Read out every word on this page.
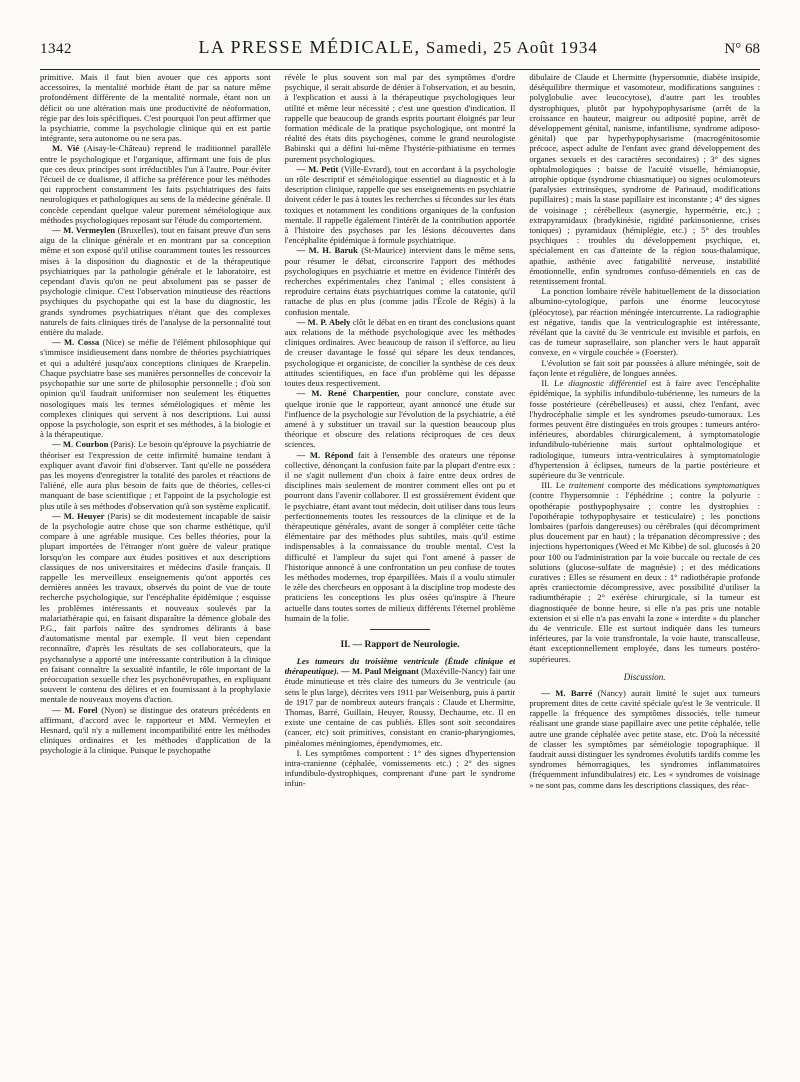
1342	LA PRESSE MÉDICALE, Samedi, 25 Août 1934	N° 68

primitive. Mais il faut bien avouer que ces apports sont accessoires, la mentalité morbide étant de par sa nature même profondément différente de la mentalité normale, étant non un déficit ou une altération mais une productivité de néoformation, régie par des lois spécifiques. C'est pourquoi l'on peut affirmer que la psychiatrie, comme la psychologie clinique qui en est partie intégrante, sera autonome ou ne sera pas.

M. Vié (Aisay-le-Château) reprend le traditionnel parallèle entre le psychologique et l'organique, affirmant une fois de plus que ces deux principes sont irréductibles l'un à l'autre. Pour éviter l'écueil de ce dualisme, il affiche sa préférence pour les méthodes qui rapprochent constamment les faits psychiatriques des faits neurologiques et pathologiques au sens de la médecine générale. Il concède cependant quelque valeur purement séméiologique aux méthodes psychologiques reposant sur l'étude du comportement.

— M. Vermeylen (Bruxelles), tout en faisant preuve d'un sens aigu de la clinique générale et en montrant par sa conception même et son exposé qu'il utilise couramment toutes les ressources mises à la disposition du diagnostic et de la thérapeutique psychiatriques par la pathologie générale et le laboratoire, est cependant d'avis qu'on ne peut absolument pas se passer de psychologie clinique. C'est l'observation minutieuse des réactions psychiques du psychopathe qui est la base du diagnostic, les grands syndromes psychiatriques n'étant que des complexes naturels de faits cliniques tirés de l'analyse de la personnalité tout entière du malade.

— M. Cossa (Nice) se méfie de l'élément philosophique qui s'immisce insidieusement dans nombre de théories psychiatriques et qui a adultéré jusqu'aux conceptions cliniques de Kraepelin. Chaque psychiatre base ses manières personnelles de concevoir la psychopathie sur une sorte de philosophie personnelle ; d'où son opinion qu'il faudrait uniformiser non seulement les étiquettes nosologiques mais les termes séméiologiques et même les complexes cliniques qui servent à nos descriptions. Lui aussi oppose la psychologie, son esprit et ses méthodes, à la biologie et à la thérapeutique.

— M. Courbon (Paris). Le besoin qu'éprouve la psychiatrie de théoriser est l'expression de cette infirmité humaine tendant à expliquer avant d'avoir fini d'observer. Tant qu'elle ne possédera pas les moyens d'enregistrer la totalité des paroles et réactions de l'aliéné, elle aura plus besoin de faits que de théories, celles-ci manquant de base scientifique ; et l'appoint de la psychologie est plus utile à ses méthodes d'observation qu'à son système explicatif.

— M. Heuyer (Paris) se dit modestement incapable de saisir de la psychologie autre chose que son charme esthétique, qu'il compare à une agréable musique. Ces belles théories, pour la plupart importées de l'étranger n'ont guère de valeur pratique lorsqu'on les compare aux études positives et aux descriptions classiques de nos universitaires et médecins d'asile français. Il rappelle les merveilleux enseignements qu'ont apportés ces dernières années les travaux, observés du point de vue de toute recherche psychologique, sur l'encéphalite épidémique ; esquisse les problèmes intéressants et nouveaux soulevés par la malariathérapie qui, en faisant disparaître la démence globale des P.G., fait parfois naître des syndromes délirants à base d'automatisme mental par exemple. Il veut bien cependant reconnaître, d'après les résultats de ses collaborateurs, que la psychanalyse a apporté une intéressante contribution à la clinique en faisant connaître la sexualité infantile, le rôle important de la préoccupation sexuelle chez les psychonévropathes, en expliquant souvent le contenu des délires et en fournissant à la prophylaxie mentale de nouveaux moyens d'action.

— M. Forel (Nyon) se distingue des orateurs précédents en affirmant, d'accord avec le rapporteur et MM. Vermeylen et Hesnard, qu'il n'y a nullement incompatibilité entre les méthodes cliniques ordinaires et les méthodes d'application de la psychologie à la clinique. Puisque le psychopathe

révèle le plus souvent son mal par des symptômes d'ordre psychique, il serait absurde de dénier à l'observation, et au besoin, à l'explication et aussi à la thérapeutique psychologiques leur utilité et même leur nécessité ; c'est une question d'indication. Il rappelle que beaucoup de grands esprits pourtant éloignés par leur formation médicale de la pratique psychologique, ont montré la réalité des états dits psychogènes, comme le grand neurologiste Babinski qui a défini lui-même l'hystérie-pithiatisme en termes purement psychologiques.

— M. Petit (Ville-Evrard), tout en accordant à la psychologie un rôle descriptif et séméiologique essentiel au diagnostic et à la description clinique, rappelle que ses enseignements en psychiatrie doivent céder le pas à toutes les recherches si fécondes sur les états toxiques et notamment les conditions organiques de la confusion mentale. Il rappelle également l'intérêt de la contribution apportée à l'histoire des psychoses par les lésions découvertes dans l'encéphalite épidémique à formule psychiatrique.

— M. H. Baruk (St-Maurice) intervient dans le même sens, pour résumer le débat, circonscrire l'apport des méthodes psychologiques en psychiatrie et mettre en évidence l'intérêt des recherches expérimentales chez l'animal ; elles consistent à reproduire certains états psychiatriques comme la catatonie, qu'il rattache de plus en plus (comme jadis l'École de Régis) à la confusion mentale.

— M. P. Abely clôt le débat en en tirant des conclusions quant aux relations de la méthode psychologique avec les méthodes cliniques ordinaires. Avec beaucoup de raison il s'efforce, au lieu de creuser davantage le fossé qui sépare les deux tendances, psychologique et organiciste, de concilier la synthèse de ces deux attitudes scientifiques, en face d'un problème qui les dépasse toutes deux respectivement.

— M. René Charpentier, pour conclure, constate avec quelque ironie que le rapporteur, ayant annoncé une étude sur l'influence de la psychologie sur l'évolution de la psychiatrie, a été amené à y substituer un travail sur la question beaucoup plus théorique et obscure des relations réciproques de ces deux sciences.

— M. Répond fait à l'ensemble des orateurs une réponse collective, dénonçant la confusion faite par la plupart d'entre eux : il ne s'agit nullement d'un choix à faire entre deux ordres de disciplines mais seulement de montrer comment elles ont pu et pourront dans l'avenir collaborer. Il est grossièrement évident que le psychiatre, étant avant tout médecin, doit utiliser dans tous leurs perfectionnements toutes les ressources de la clinique et de la thérapeutique générales, avant de songer à compléter cette tâche élémentaire par des méthodes plus subtiles, mais qu'il estime indispensables à la connaissance du trouble mental. C'est la difficulté et l'ampleur du sujet qui l'ont amené à passer de l'historique annoncé à une confrontation un peu confuse de toutes les méthodes modernes, trop éparpillées. Mais il a voulu stimuler le zèle des chercheurs en opposant à la discipline trop modeste des praticiens les conceptions les plus osées qu'inspire à l'heure actuelle dans toutes sortes de milieux différents l'éternel problème humain de la folie.

II. — Rapport de Neurologie.

Les tumeurs du troisième ventricule (Étude clinique et thérapeutique). — M. Paul Meignant (Maxéville-Nancy) fait une étude minutieuse et très claire des tumeurs du 3e ventricule (au sens le plus large), décrites vers 1911 par Weisenburg, puis à partir de 1917 par de nombreux auteurs français : Claude et Lhermitte, Thomas, Barré, Guillain, Heuyer, Roussy, Dechaume, etc. Il en existe une centaine de cas publiés. Elles sont soit secondaires (cancer, etc) soit primitives, consistant en cranio-pharyngiomes, pinéalomes méningiomes, épendymomes, etc.

I. Les symptômes comportent : 1° des signes d'hypertension intra-cranienne (céphalée, vomissements etc.) ; 2° des signes infundibulo-dystrophiques, comprenant d'une part le syndrome infun-

dibulaire de Claude et Lhermitte (hypersomnie, diabète insipide, déséquilibre thermique et vasomoteur, modifications sanguines : polyglobulie avec leucocytose), d'autre part les troubles dystrophiques, plutôt par hypohypophysarisme (arrêt de la croissance en hauteur, maigreur ou adiposité pupine, arrêt de développement génital, nanisme, infantilisme, syndrome adiposo-génital) que par hyperhypophysarisme (macrogénitosomie précoce, aspect adulte de l'enfant avec grand développement des organes sexuels et des caractères secondaires) ; 3° des signes ophtalmologiques : baisse de l'acuité visuelle, hémianopsie, atrophie optique (syndrome chiasmatique) ou signes oculomoteurs (paralysies extrinsèques, syndrome de Parinaud, modifications pupillaires) ; mais la stase papillaire est inconstante ; 4° des signes de voisinage ; cérébelleux (asynergie, hypermétrie, etc.) ; extrapyramidaux (bradykinésie, rigidité parkinsonienne, crises toniques) ; pyramidaux (hémiplégie, etc.) ; 5° des troubles psychiques : troubles du développement psychique, et, spécialement en cas d'atteinte de la région sous-thalamique, apathie, asthénie avec fatigabilité nerveuse, instabilité émotionnelle, enfin syndromes confuso-démentiels en cas de retentissement frontal.

La ponction lombaire révèle habituellement de la dissociation albumino-cytologique, parfois une énorme leucocytose (pléocytose), par réaction méningée intercurrente. La radiographie est négative, tandis que la ventriculographie est intéressante, révélant que la cavité du 3e ventricule est invisible et parfois, en cas de tumeur suprasellaire, son plancher vers le haut apparaît convexe, en « virgule couchée » (Foerster).

L'évolution se fait soit par poussées à allure méningée, soit de façon lente et régulière, de longues années.

II. Le diagnostic différentiel est à faire avec l'encéphalite épidémique, la syphilis infundibulo-tubérienne, les tumeurs de la fosse postérieure (cérébelleuses) et aussi, chez l'enfant, avec l'hydrocéphalie simple et les syndromes pseudo-tumoraux. Les formes peuvent être distinguées en trois groupes : tumeurs antéro-inférieures, abordables chirurgicalement, à symptomatologie infundibulo-tubérienne mais surtout ophtalmologique et radiologique, tumeurs intra-ventriculaires à symptomatologie d'hypertension à éclipses, tumeurs de la partie postérieure et supérieure du 3e ventricule.

III. Le traitement comporte des médications symptomatiques (contre l'hypersomnie : l'éphédrine ; contre la polyurie : opothérapie posthypophysaire ; contre les dystrophies : l'opothérapie tothypophysaire et testiculaire) ; les ponctions lombaires (parfois dangereuses) ou cérébrales (qui décompriment plus doucement par en haut) ; la trépanation décompressive ; des injections hypertoniques (Weed et Mc Kibbe) de sol. glucosés à 20 pour 100 ou l'administration par la voie buccale ou rectale de ces solutions (glucose-sulfate de magnésie) ; et des médications curatives : Elles se résument en deux : 1° radiothérapie profonde après craniectomie décompressive, avec possibilité d'utiliser la radiumthérapie ; 2° exérèse chirurgicale, si la tumeur est diagnostiquée de bonne heure, si elle n'a pas pris une notable extension et si elle n'a pas envahi la zone « interdite » du plancher du 4e ventricule. Elle est surtout indiquée dans les tumeurs inférieures, par la voie transfrontale, la voie haute, transcalleuse, étant exceptionnellement employée, dans les tumeurs postéro-supérieures.

Discussion.

— M. Barré (Nancy) aurait limité le sujet aux tumeurs proprement dites de cette cavité spéciale qu'est le 3e ventricule. Il rappelle la fréquence des symptômes dissociés, telle tumeur réalisant une grande stase papillaire avec une petite céphalée, telle autre une grande céphalée avec petite stase, etc. D'où la nécessité de classer les symptômes par séméiologie topographique. Il faudrait aussi distinguer les syndromes évolutifs tardifs comme les syndromes hémorragiques, les syndromes inflammatoires (fréquemment infundibulaires) etc. Les « syndromes de voisinage » ne sont pas, comme dans les descriptions classiques, des réac-
